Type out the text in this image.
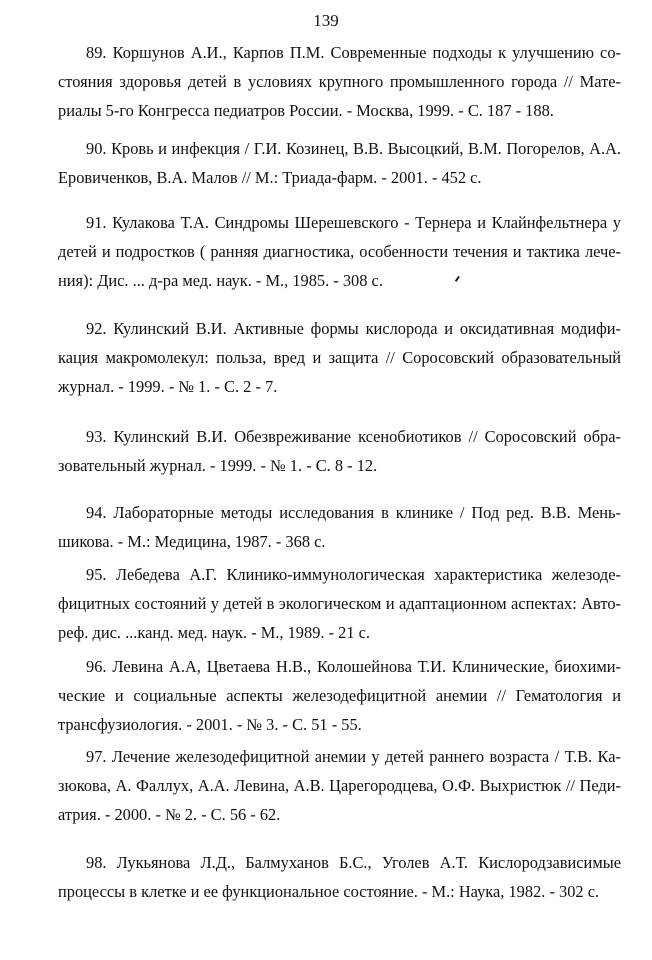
139

89. Коршунов А.И., Карпов П.М. Современные подходы к улучшению состояния здоровья детей в условиях крупного промышленного города // Материалы 5-го Конгресса педиатров России. - Москва, 1999. - С. 187 - 188.

90. Кровь и инфекция / Г.И. Козинец, В.В. Высоцкий, В.М. Погорелов, А.А. Еровиченков, В.А. Малов // М.: Триада-фарм. - 2001. - 452 с.

91. Кулакова Т.А. Синдромы Шерешевского - Тернера и Клайнфельтнера у детей и подростков ( ранняя диагностика, особенности течения и тактика лечения): Дис. ... д-ра мед. наук. - М., 1985. - 308 с.

92. Кулинский В.И. Активные формы кислорода и оксидативная модификация макромолекул: польза, вред и защита // Соросовский образовательный журнал. - 1999. - № 1. - С. 2 - 7.

93. Кулинский В.И. Обезвреживание ксенобиотиков // Соросовский образовательный журнал. - 1999. - № 1. - С. 8 - 12.

94. Лабораторные методы исследования в клинике / Под ред. В.В. Меньшикова. - М.: Медицина, 1987. - 368 с.

95. Лебедева А.Г. Клинико-иммунологическая характеристика железодефицитных состояний у детей в экологическом и адаптационном аспектах: Автореф. дис. ...канд. мед. наук. - М., 1989. - 21 с.

96. Левина А.А, Цветаева Н.В., Колошейнова Т.И. Клинические, биохимические и социальные аспекты железодефицитной анемии // Гематология и трансфузиология. - 2001. - № 3. - С. 51 - 55.

97. Лечение железодефицитной анемии у детей раннего возраста / Т.В. Казюкова, А. Фаллух, А.А. Левина, А.В. Царегородцева, О.Ф. Выхристюк // Педиатрия. - 2000. - № 2. - С. 56 - 62.

98. Лукьянова Л.Д., Балмуханов Б.С., Уголев А.Т. Кислородзависимые процессы в клетке и ее функциональное состояние. - М.: Наука, 1982. - 302 с.
